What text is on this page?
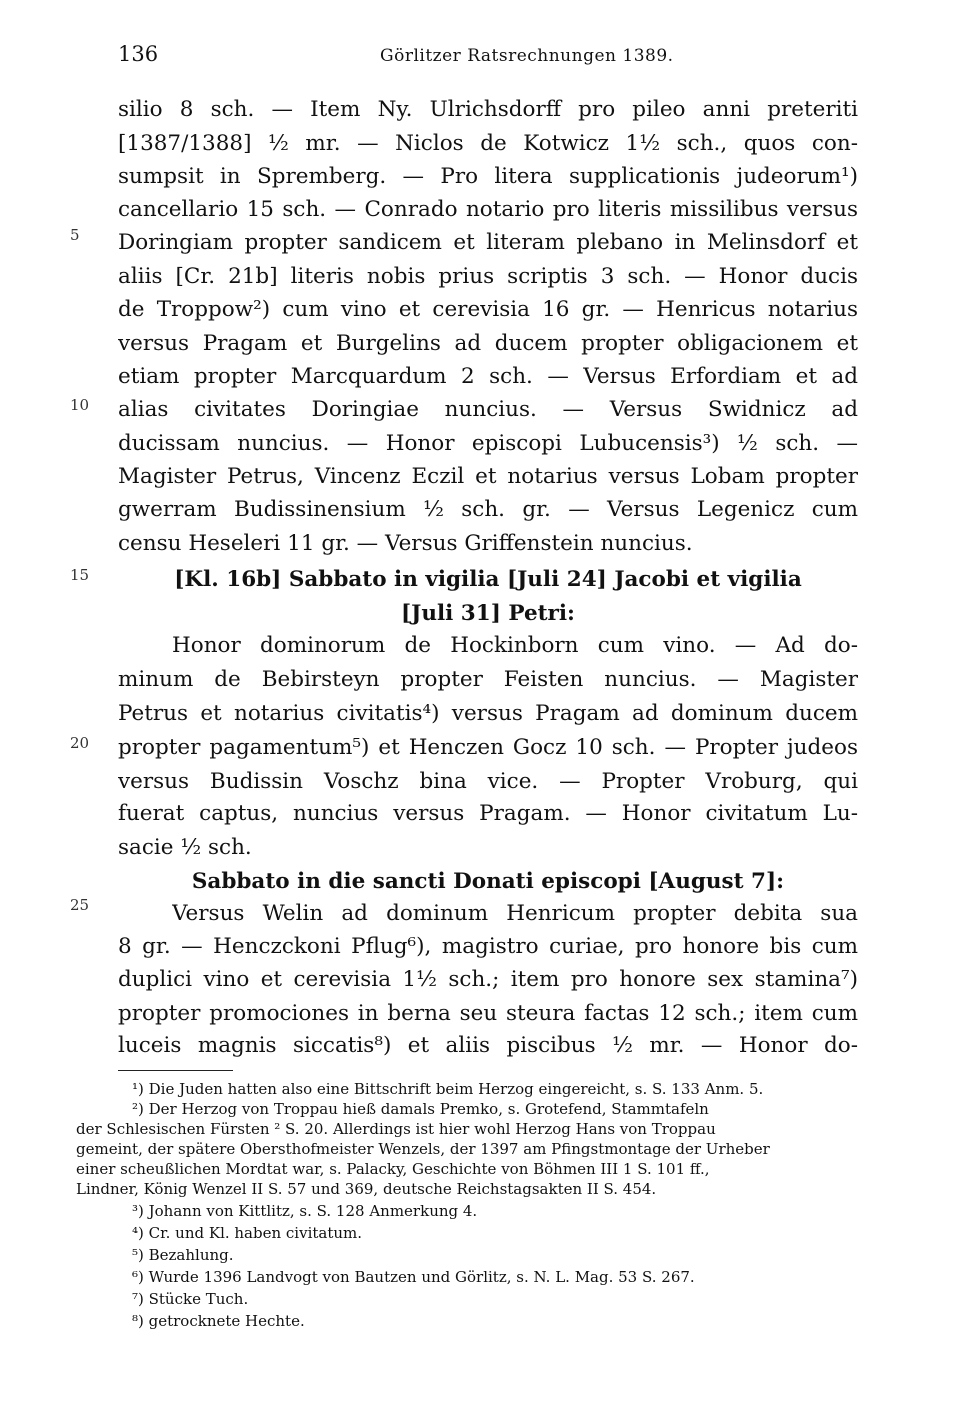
136	Görlitzer Ratsrechnungen 1389.
5
10
15
20
25
silio 8 sch. — Item Ny. Ulrichsdorff pro pileo anni preteriti
[1387/1388] ½ mr. — Niclos de Kotwicz 1½ sch., quos con-
sumpsit in Spremberg. — Pro litera supplicationis judeorum¹)
cancellario 15 sch. — Conrado notario pro literis missilibus versus
Doringiam propter sandicem et literam plebano in Melinsdorf et
aliis [Cr. 21b] literis nobis prius scriptis 3 sch. — Honor ducis
de Troppow²) cum vino et cerevisia 16 gr. — Henricus notarius
versus Pragam et Burgelins ad ducem propter obligacionem et
etiam propter Marcquardum 2 sch. — Versus Erfordiam et ad
alias civitates Doringiae nuncius. — Versus Swidnicz ad
ducissam nuncius. — Honor episcopi Lubucensis³) ½ sch. —
Magister Petrus, Vincenz Eczil et notarius versus Lobam propter
gwerram Budissinensium ½ sch. gr. — Versus Legenicz cum
censu Heseleri 11 gr. — Versus Griffenstein nuncius.
[Kl. 16b] Sabbato in vigilia [Juli 24] Jacobi et vigilia
[Juli 31] Petri:
Honor dominorum de Hockinborn cum vino. — Ad do-
minum de Bebirsteyn propter Feisten nuncius. — Magister
Petrus et notarius civitatis⁴) versus Pragam ad dominum ducem
propter pagamentum⁵) et Henczen Gocz 10 sch. — Propter judeos
versus Budissin Voschz bina vice. — Propter Vroburg, qui
fuerat captus, nuncius versus Pragam. — Honor civitatum Lu-
sacie ½ sch.
Sabbato in die sancti Donati episcopi [August 7]:
Versus Welin ad dominum Henricum propter debita sua
8 gr. — Henczckoni Pflug⁶), magistro curiae, pro honore bis cum
duplici vino et cerevisia 1½ sch.; item pro honore sex stamina⁷)
propter promociones in berna seu steura factas 12 sch.; item cum
luceis magnis siccatis⁸) et aliis piscibus ½ mr. — Honor do-
¹) Die Juden hatten also eine Bittschrift beim Herzog eingereicht, s. S. 133 Anm. 5.
²) Der Herzog von Troppau hieß damals Premko, s. Grotefend, Stammtafeln
der Schlesischen Fürsten ² S. 20. Allerdings ist hier wohl Herzog Hans von Troppau
gemeint, der spätere Obersthofmeister Wenzels, der 1397 am Pfingstmontage der Urheber
einer scheußlichen Mordtat war, s. Palacky, Geschichte von Böhmen III 1 S. 101 ff.,
Lindner, König Wenzel II S. 57 und 369, deutsche Reichstagsakten II S. 454.
³) Johann von Kittlitz, s. S. 128 Anmerkung 4.
⁴) Cr. und Kl. haben civitatum.
⁵) Bezahlung.
⁶) Wurde 1396 Landvogt von Bautzen und Görlitz, s. N. L. Mag. 53 S. 267.
⁷) Stücke Tuch.
⁸) getrocknete Hechte.
